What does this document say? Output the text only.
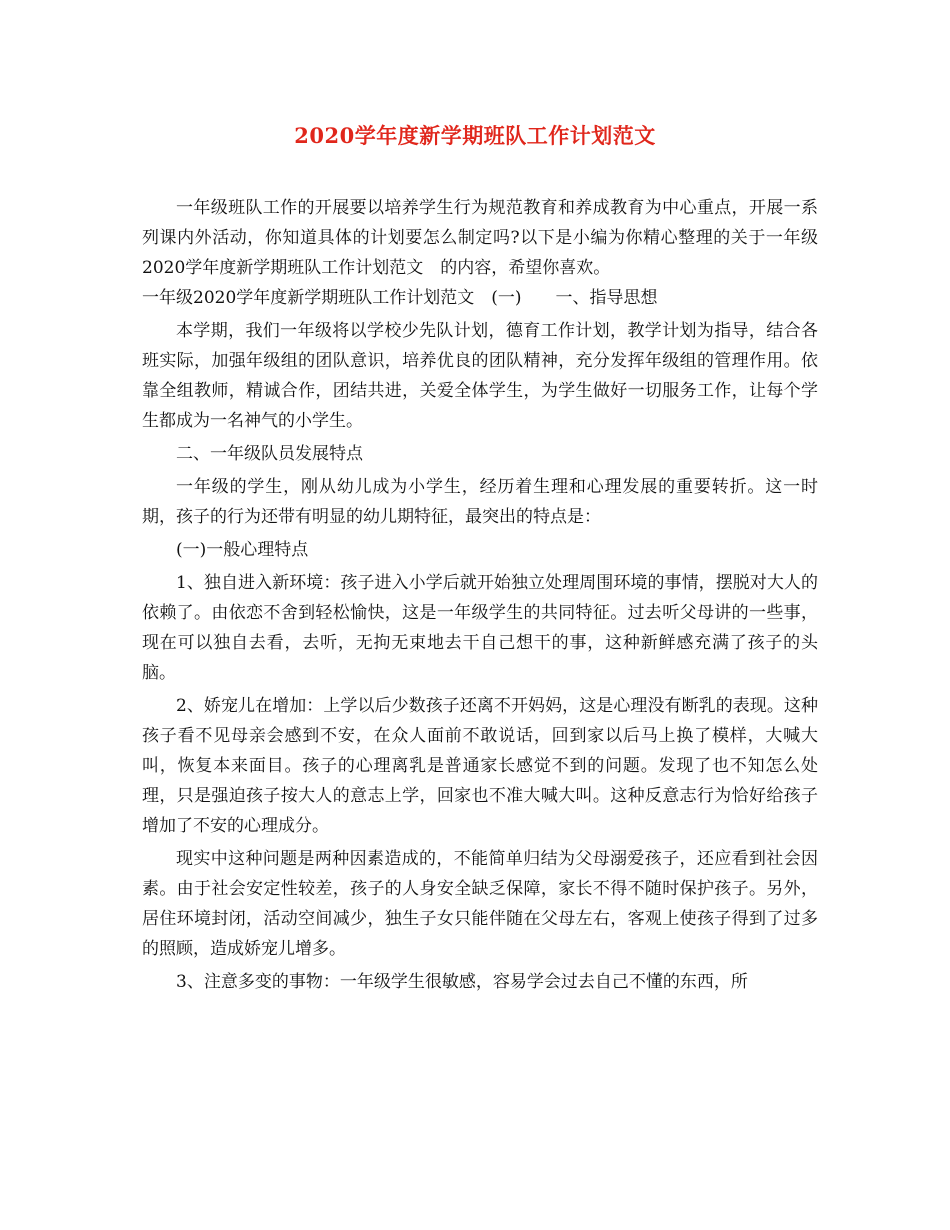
2020学年度新学期班队工作计划范文

一年级班队工作的开展要以培养学生行为规范教育和养成教育为中心重点，开展一系列课内外活动，你知道具体的计划要怎么制定吗?以下是小编为你精心整理的关于一年级2020学年度新学期班队工作计划范文　的内容，希望你喜欢。

一年级2020学年度新学期班队工作计划范文　(一)　　一、指导思想

本学期，我们一年级将以学校少先队计划，德育工作计划，教学计划为指导，结合各班实际，加强年级组的团队意识，培养优良的团队精神，充分发挥年级组的管理作用。依靠全组教师，精诚合作，团结共进，关爱全体学生，为学生做好一切服务工作，让每个学生都成为一名神气的小学生。

二、一年级队员发展特点

一年级的学生，刚从幼儿成为小学生，经历着生理和心理发展的重要转折。这一时期，孩子的行为还带有明显的幼儿期特征，最突出的特点是：

(一)一般心理特点

1、独自进入新环境：孩子进入小学后就开始独立处理周围环境的事情，摆脱对大人的依赖了。由依恋不舍到轻松愉快，这是一年级学生的共同特征。过去听父母讲的一些事，现在可以独自去看，去听，无拘无束地去干自己想干的事，这种新鲜感充满了孩子的头脑。

2、娇宠儿在增加：上学以后少数孩子还离不开妈妈，这是心理没有断乳的表现。这种孩子看不见母亲会感到不安，在众人面前不敢说话，回到家以后马上换了模样，大喊大叫，恢复本来面目。孩子的心理离乳是普通家长感觉不到的问题。发现了也不知怎么处理，只是强迫孩子按大人的意志上学，回家也不准大喊大叫。这种反意志行为恰好给孩子增加了不安的心理成分。

现实中这种问题是两种因素造成的，不能简单归结为父母溺爱孩子，还应看到社会因素。由于社会安定性较差，孩子的人身安全缺乏保障，家长不得不随时保护孩子。另外，居住环境封闭，活动空间减少，独生子女只能伴随在父母左右，客观上使孩子得到了过多的照顾，造成娇宠儿增多。

3、注意多变的事物：一年级学生很敏感，容易学会过去自己不懂的东西，所
